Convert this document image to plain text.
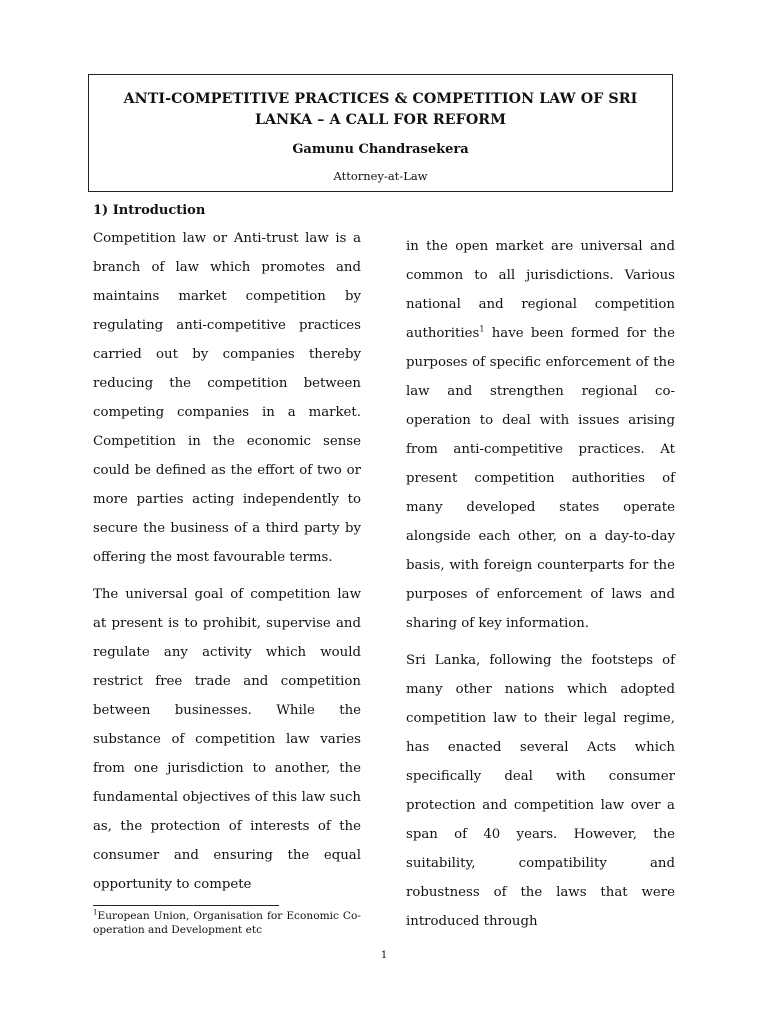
ANTI-COMPETITIVE PRACTICES & COMPETITION LAW OF SRI LANKA – A CALL FOR REFORM
Gamunu Chandrasekera
Attorney-at-Law
1) Introduction

Competition law or Anti-trust law is a branch of law which promotes and maintains market competition by regulating anti-competitive practices carried out by companies thereby reducing the competition between competing companies in a market. Competition in the economic sense could be defined as the effort of two or more parties acting independently to secure the business of a third party by offering the most favourable terms.

The universal goal of competition law at present is to prohibit, supervise and regulate any activity which would restrict free trade and competition between businesses. While the substance of competition law varies from one jurisdiction to another, the fundamental objectives of this law such as, the protection of interests of the consumer and ensuring the equal opportunity to compete

in the open market are universal and common to all jurisdictions. Various national and regional competition authorities$^1$ have been formed for the purposes of specific enforcement of the law and strengthen regional co-operation to deal with issues arising from anti-competitive practices. At present competition authorities of many developed states operate alongside each other, on a day-to-day basis, with foreign counterparts for the purposes of enforcement of laws and sharing of key information.

Sri Lanka, following the footsteps of many other nations which adopted competition law to their legal regime, has enacted several Acts which specifically deal with consumer protection and competition law over a span of 40 years. However, the suitability, compatibility and robustness of the laws that were introduced through

$^1$European Union, Organisation for Economic Co-operation and Development etc
1
